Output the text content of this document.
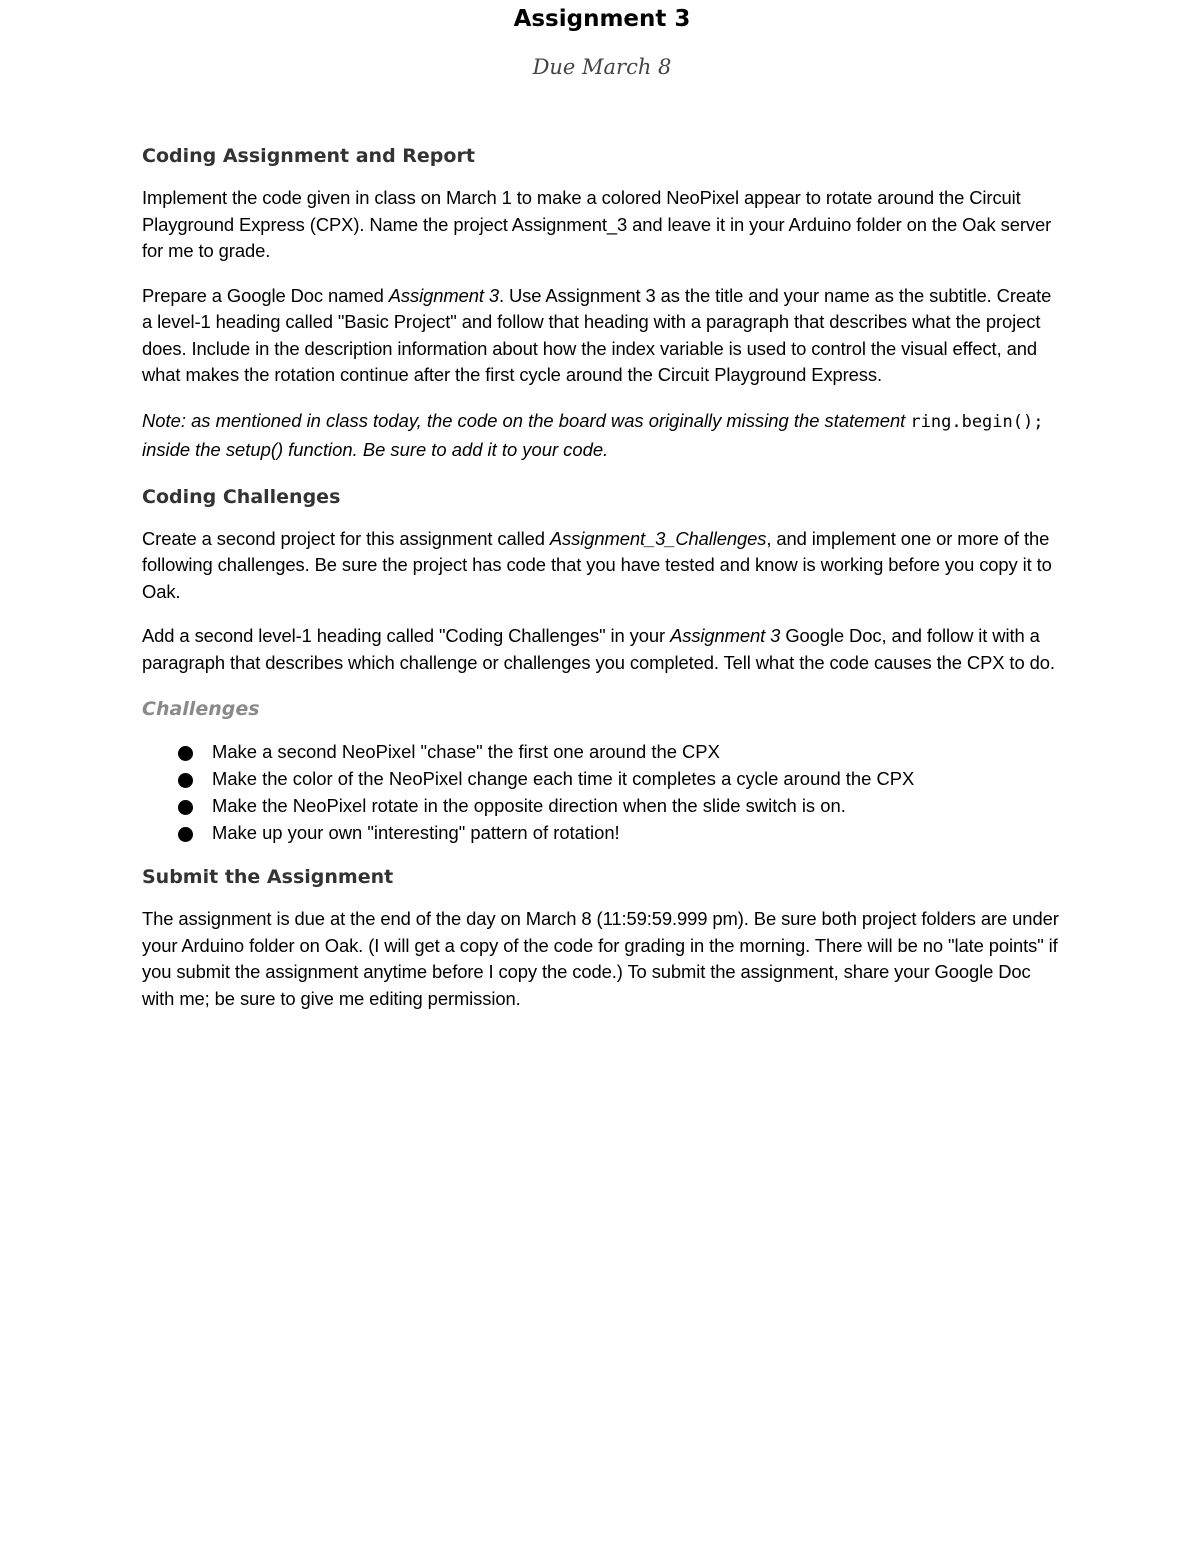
Assignment 3
Due March 8
Coding Assignment and Report

Implement the code given in class on March 1 to make a colored NeoPixel appear to rotate around the Circuit Playground Express (CPX). Name the project Assignment_3 and leave it in your Arduino folder on the Oak server for me to grade.

Prepare a Google Doc named Assignment 3. Use Assignment 3 as the title and your name as the subtitle. Create a level-1 heading called "Basic Project" and follow that heading with a paragraph that describes what the project does. Include in the description information about how the index variable is used to control the visual effect, and what makes the rotation continue after the first cycle around the Circuit Playground Express.

Note: as mentioned in class today, the code on the board was originally missing the statement ring.begin(); inside the setup() function. Be sure to add it to your code.

Coding Challenges

Create a second project for this assignment called Assignment_3_Challenges, and implement one or more of the following challenges. Be sure the project has code that you have tested and know is working before you copy it to Oak.

Add a second level-1 heading called "Coding Challenges" in your Assignment 3 Google Doc, and follow it with a paragraph that describes which challenge or challenges you completed. Tell what the code causes the CPX to do.

Challenges
Make a second NeoPixel "chase" the first one around the CPX
Make the color of the NeoPixel change each time it completes a cycle around the CPX
Make the NeoPixel rotate in the opposite direction when the slide switch is on.
Make up your own "interesting" pattern of rotation!
Submit the Assignment

The assignment is due at the end of the day on March 8 (11:59:59.999 pm). Be sure both project folders are under your Arduino folder on Oak. (I will get a copy of the code for grading in the morning. There will be no "late points" if you submit the assignment anytime before I copy the code.) To submit the assignment, share your Google Doc with me; be sure to give me editing permission.
